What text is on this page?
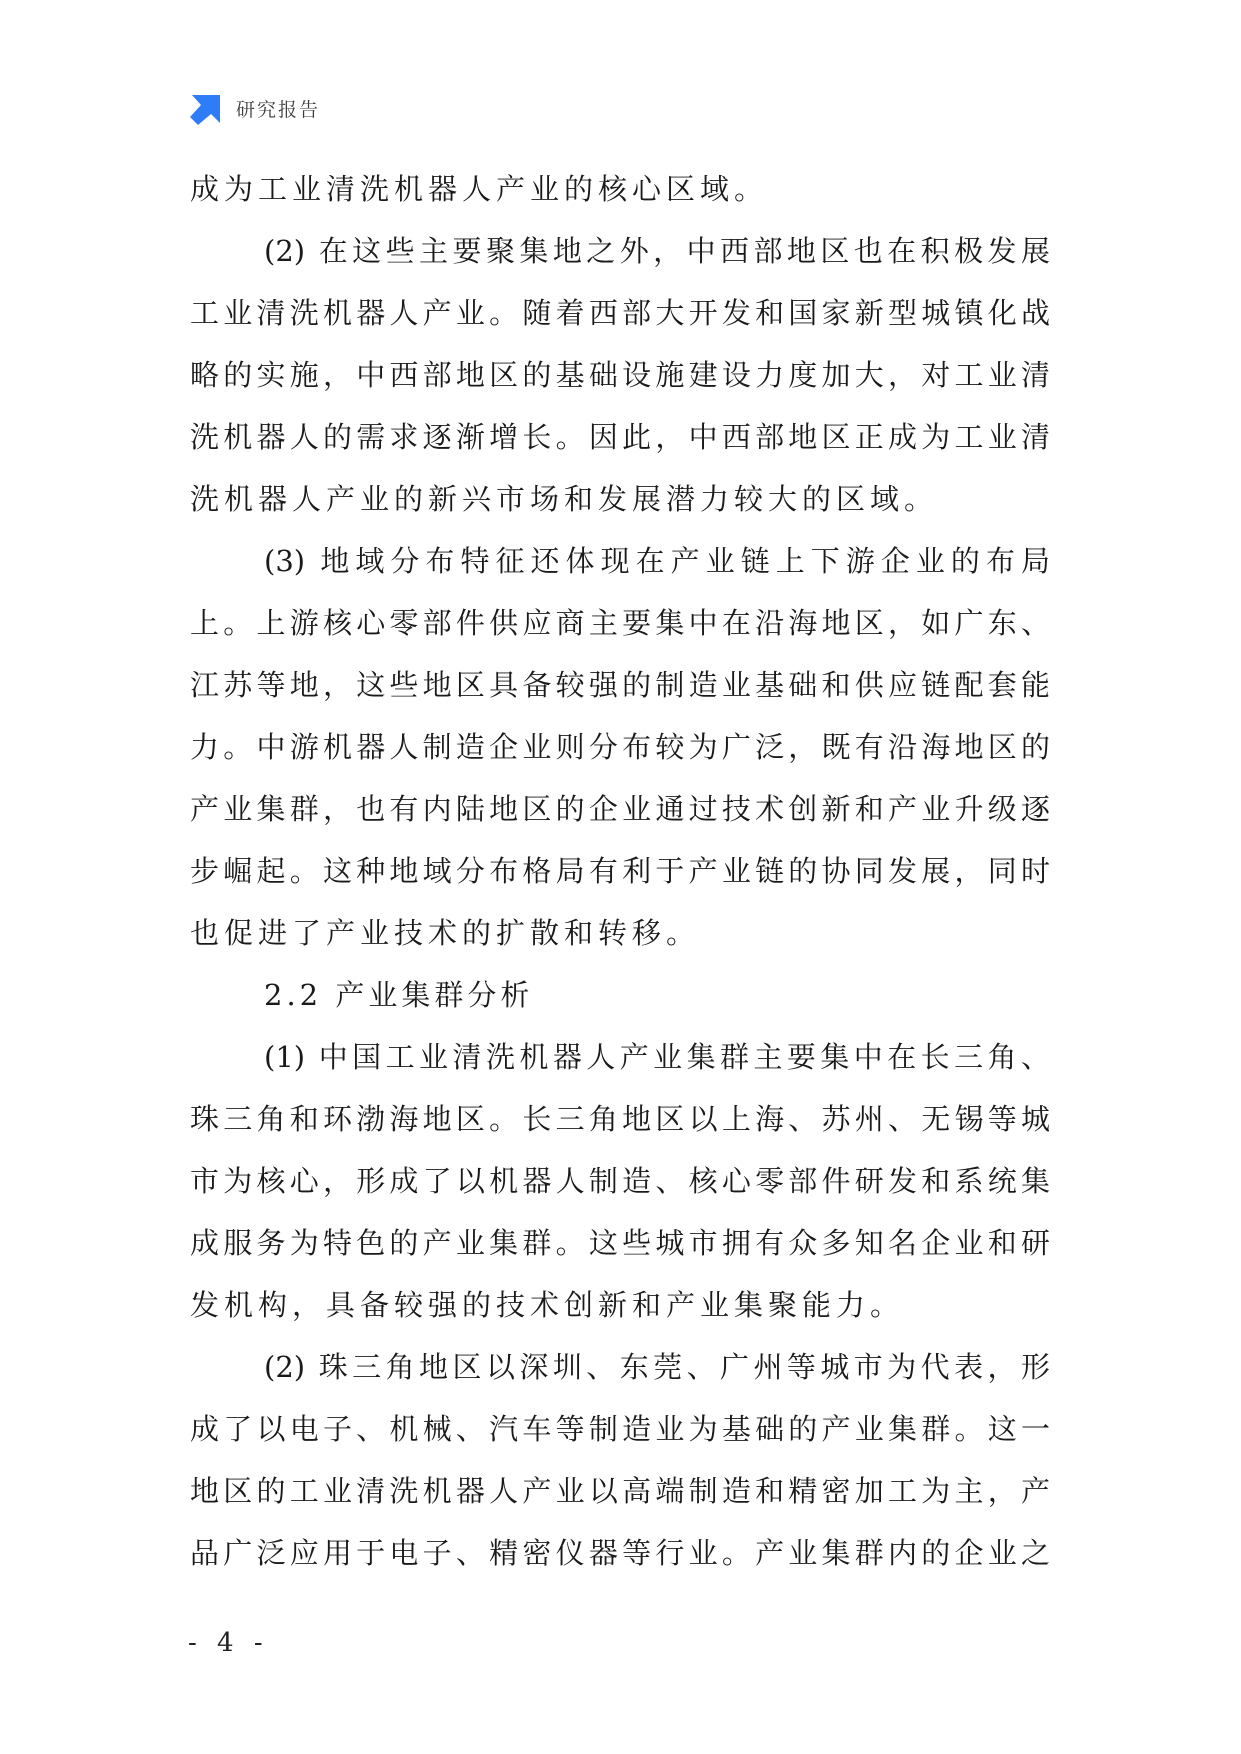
研究报告
成为工业清洗机器人产业的核心区域。
(2) 在这些主要聚集地之外，中西部地区也在积极发展
工业清洗机器人产业。随着西部大开发和国家新型城镇化战
略的实施，中西部地区的基础设施建设力度加大，对工业清
洗机器人的需求逐渐增长。因此，中西部地区正成为工业清
洗机器人产业的新兴市场和发展潜力较大的区域。
(3) 地域分布特征还体现在产业链上下游企业的布局
上。上游核心零部件供应商主要集中在沿海地区，如广东、
江苏等地，这些地区具备较强的制造业基础和供应链配套能
力。中游机器人制造企业则分布较为广泛，既有沿海地区的
产业集群，也有内陆地区的企业通过技术创新和产业升级逐
步崛起。这种地域分布格局有利于产业链的协同发展，同时
也促进了产业技术的扩散和转移。
2.2 产业集群分析
(1) 中国工业清洗机器人产业集群主要集中在长三角、
珠三角和环渤海地区。长三角地区以上海、苏州、无锡等城
市为核心，形成了以机器人制造、核心零部件研发和系统集
成服务为特色的产业集群。这些城市拥有众多知名企业和研
发机构，具备较强的技术创新和产业集聚能力。
(2) 珠三角地区以深圳、东莞、广州等城市为代表，形
成了以电子、机械、汽车等制造业为基础的产业集群。这一
地区的工业清洗机器人产业以高端制造和精密加工为主，产
品广泛应用于电子、精密仪器等行业。产业集群内的企业之
- 4 -
